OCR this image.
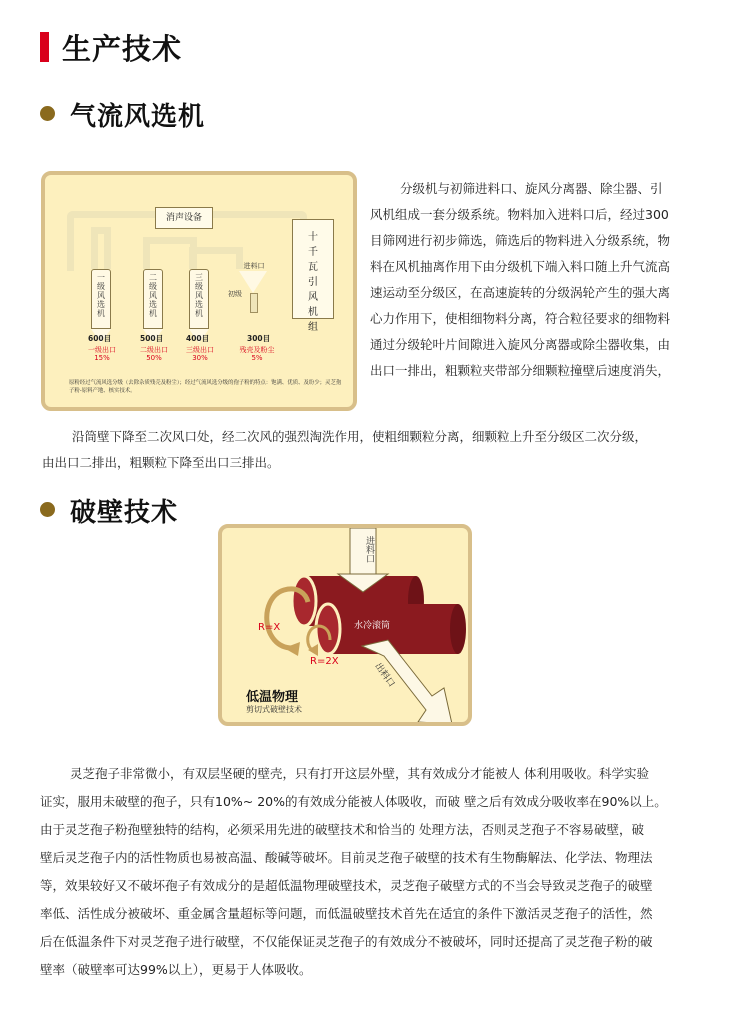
生产技术
气流风选机
消声设备
十千瓦引风机组
一级风选机
600目
一级出口
15%
二级风选机
500目
二级出口
50%
三级风选机
400目
三级出口
30%
进料口
初级
300目
残壳及粉尘
5%
原粉经过气流风选分级（去除杂质残壳及粉尘）；经过气流风选分级的孢子粉的特点：饱满、优质、及纷少；灵芝孢子粉-原料产地、核实技术。

分级机与初筛进料口、旋风分离器、除尘器、引

风机组成一套分级系统。物料加入进料口后，经过300

目筛网进行初步筛选，筛选后的物料进入分级系统，物

料在风机抽离作用下由分级机下端入料口随上升气流高

速运动至分级区，在高速旋转的分级涡轮产生的强大离

心力作用下，使相细物料分离，符合粒径要求的细物料

通过分级轮叶片间隙进入旋风分离器或除尘器收集，由

出口一排出，粗颗粒夹带部分细颗粒撞壁后速度消失，

沿筒壁下降至二次风口处，经二次风的强烈淘洗作用，使粗细颗粒分离，细颗粒上升至分级区二次分级，

由出口二排出，粗颗粒下降至出口三排出。

破壁技术
进料口
出料口
水冷滚筒
R=X
R=2X
低温物理
剪切式破壁技术

灵芝孢子非常微小，有双层坚硬的壁壳，只有打开这层外壁，其有效成分才能被人 体利用吸收。科学实验

证实，服用未破壁的孢子，只有10%~ 20%的有效成分能被人体吸收，而破 壁之后有效成分吸收率在90%以上。

由于灵芝孢子粉孢壁独特的结构，必须采用先进的破壁技术和恰当的 处理方法，否则灵芝孢子不容易破壁，破

壁后灵芝孢子内的活性物质也易被高温、酸碱等破坏。目前灵芝孢子破壁的技术有生物酶解法、化学法、物理法

等，效果较好又不破坏孢子有效成分的是超低温物理破壁技术，灵芝孢子破壁方式的不当会导致灵芝孢子的破壁

率低、活性成分被破坏、重金属含量超标等问题，而低温破壁技术首先在适宜的条件下激活灵芝孢子的活性，然

后在低温条件下对灵芝孢子进行破壁，不仅能保证灵芝孢子的有效成分不被破坏，同时还提高了灵芝孢子粉的破

壁率（破壁率可达99%以上），更易于人体吸收。
